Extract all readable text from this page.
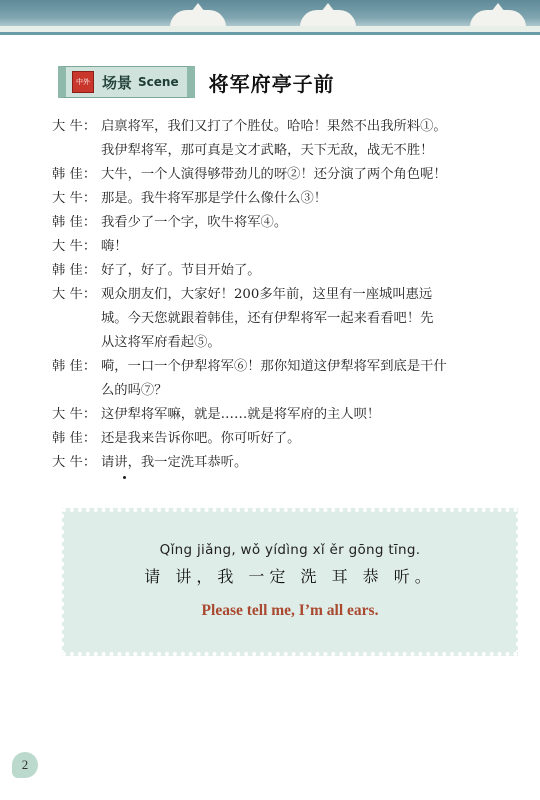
中外 场景 Scene 将军府亭子前
大 牛： 启禀将军，我们又打了个胜仗。哈哈！果然不出我所料①。
我伊犁将军，那可真是文才武略，天下无敌，战无不胜！
韩 佳： 大牛，一个人演得够带劲儿的呀②！还分演了两个角色呢！
大 牛： 那是。我牛将军那是学什么像什么③！
韩 佳： 我看少了一个字，吹牛将军④。
大 牛： 嗨！
韩 佳： 好了，好了。节目开始了。
大 牛： 观众朋友们，大家好！200多年前，这里有一座城叫惠远
城。今天您就跟着韩佳，还有伊犁将军一起来看看吧！先
从这将军府看起⑤。
韩 佳： 嗬，一口一个伊犁将军⑥！那你知道这伊犁将军到底是干什
么的吗⑦？
大 牛： 这伊犁将军嘛，就是……就是将军府的主人呗！
韩 佳： 还是我来告诉你吧。你可听好了。
大 牛： 请讲，我一定洗耳恭听。
Qǐng jiǎng, wǒ yídìng xǐ ěr gōng tīng.
请 讲，我 一定 洗 耳 恭 听。
Please tell me, I’m all ears.
2
